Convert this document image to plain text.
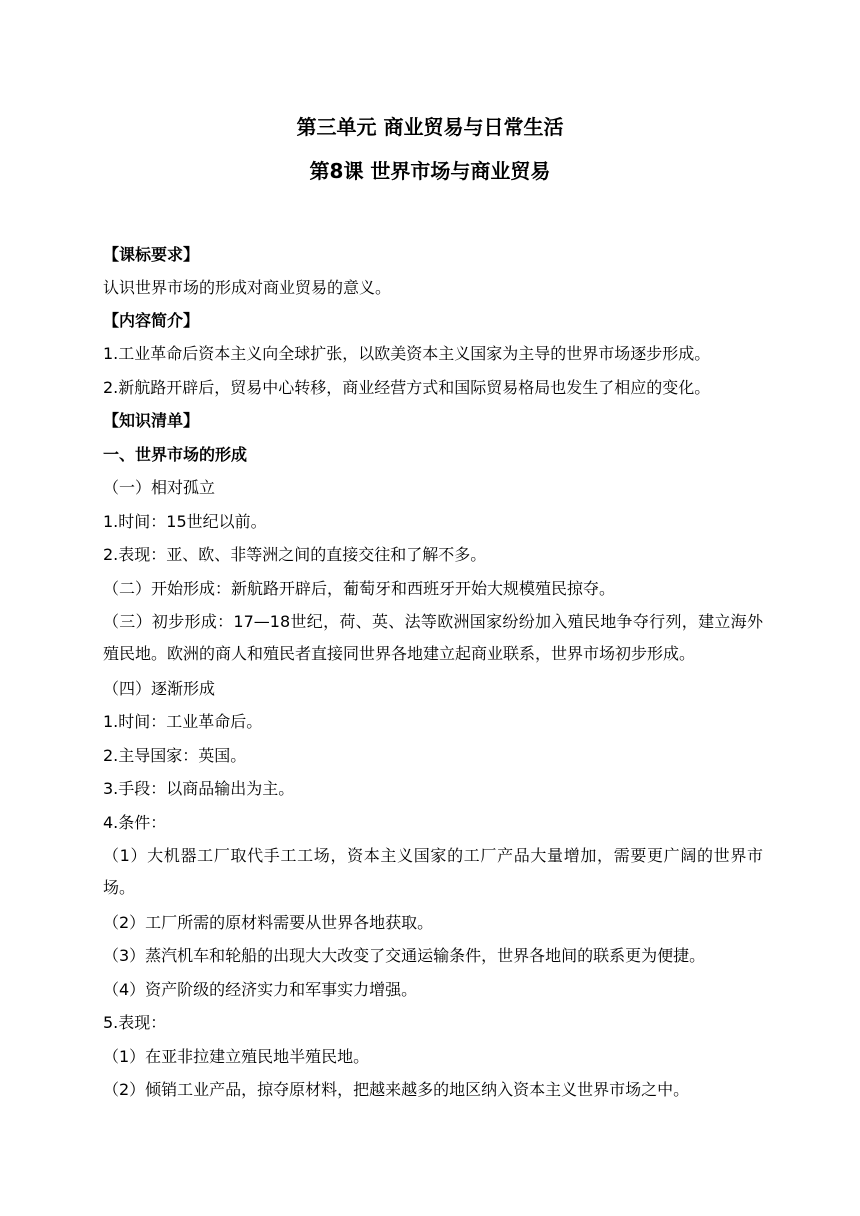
第三单元 商业贸易与日常生活
第8课 世界市场与商业贸易

【课标要求】

认识世界市场的形成对商业贸易的意义。

【内容简介】

1.工业革命后资本主义向全球扩张，以欧美资本主义国家为主导的世界市场逐步形成。

2.新航路开辟后，贸易中心转移，商业经营方式和国际贸易格局也发生了相应的变化。

【知识清单】

一、世界市场的形成

（一）相对孤立

1.时间：15世纪以前。

2.表现：亚、欧、非等洲之间的直接交往和了解不多。

（二）开始形成：新航路开辟后，葡萄牙和西班牙开始大规模殖民掠夺。

（三）初步形成：17—18世纪，荷、英、法等欧洲国家纷纷加入殖民地争夺行列，建立海外殖民地。欧洲的商人和殖民者直接同世界各地建立起商业联系，世界市场初步形成。

（四）逐渐形成

1.时间：工业革命后。

2.主导国家：英国。

3.手段：以商品输出为主。

4.条件：

（1）大机器工厂取代手工工场，资本主义国家的工厂产品大量增加，需要更广阔的世界市场。

（2）工厂所需的原材料需要从世界各地获取。

（3）蒸汽机车和轮船的出现大大改变了交通运输条件，世界各地间的联系更为便捷。

（4）资产阶级的经济实力和军事实力增强。

5.表现：

（1）在亚非拉建立殖民地半殖民地。

（2）倾销工业产品，掠夺原材料，把越来越多的地区纳入资本主义世界市场之中。
